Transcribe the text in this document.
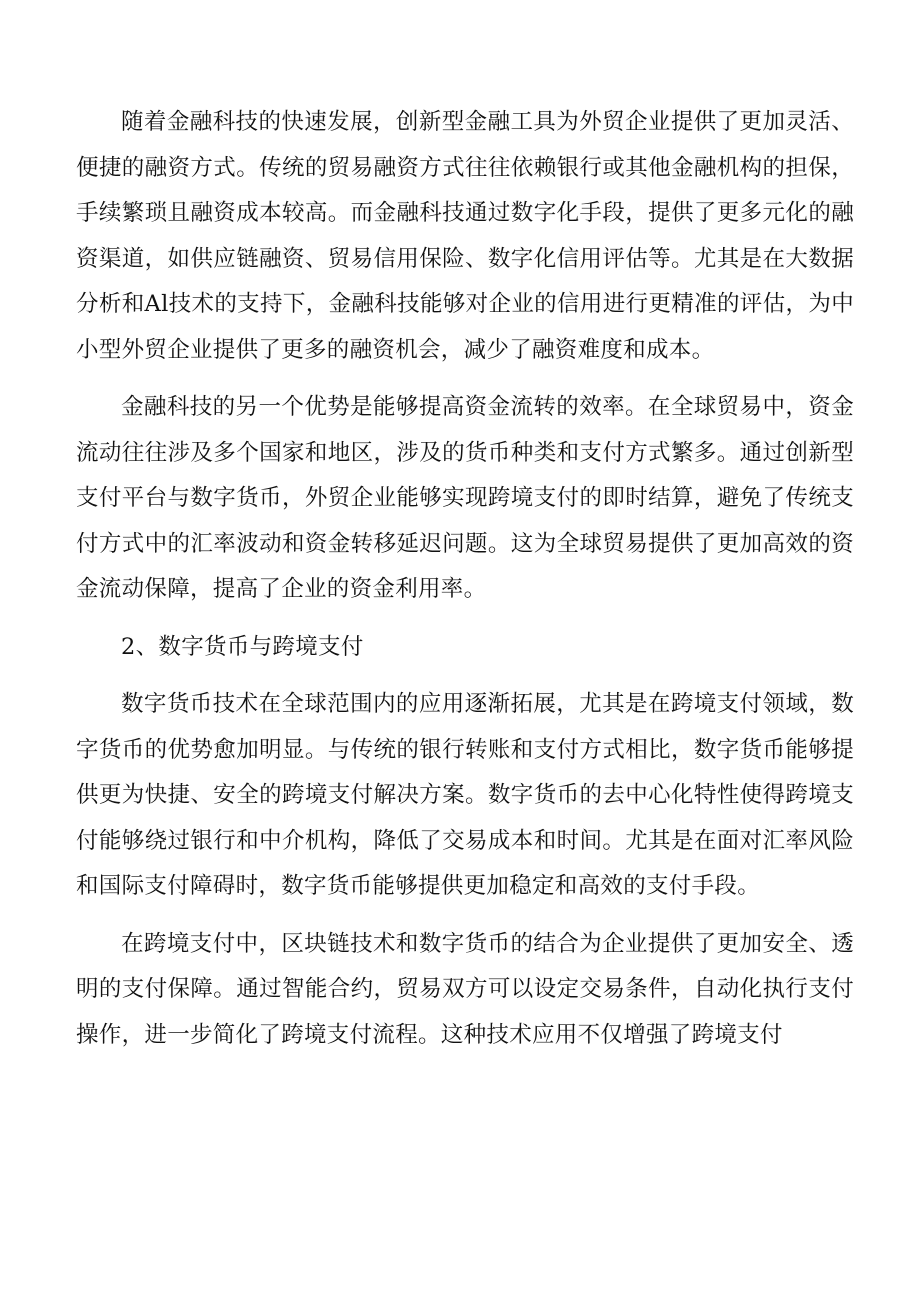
随着金融科技的快速发展，创新型金融工具为外贸企业提供了更加灵活、便捷的融资方式。传统的贸易融资方式往往依赖银行或其他金融机构的担保，手续繁琐且融资成本较高。而金融科技通过数字化手段，提供了更多元化的融资渠道，如供应链融资、贸易信用保险、数字化信用评估等。尤其是在大数据分析和Al技术的支持下，金融科技能够对企业的信用进行更精准的评估，为中小型外贸企业提供了更多的融资机会，减少了融资难度和成本。

金融科技的另一个优势是能够提高资金流转的效率。在全球贸易中，资金流动往往涉及多个国家和地区，涉及的货币种类和支付方式繁多。通过创新型支付平台与数字货币，外贸企业能够实现跨境支付的即时结算，避免了传统支付方式中的汇率波动和资金转移延迟问题。这为全球贸易提供了更加高效的资金流动保障，提高了企业的资金利用率。

2、数字货币与跨境支付

数字货币技术在全球范围内的应用逐渐拓展，尤其是在跨境支付领域，数字货币的优势愈加明显。与传统的银行转账和支付方式相比，数字货币能够提供更为快捷、安全的跨境支付解决方案。数字货币的去中心化特性使得跨境支付能够绕过银行和中介机构，降低了交易成本和时间。尤其是在面对汇率风险和国际支付障碍时，数字货币能够提供更加稳定和高效的支付手段。

在跨境支付中，区块链技术和数字货币的结合为企业提供了更加安全、透明的支付保障。通过智能合约，贸易双方可以设定交易条件，自动化执行支付操作，进一步简化了跨境支付流程。这种技术应用不仅增强了跨境支付
